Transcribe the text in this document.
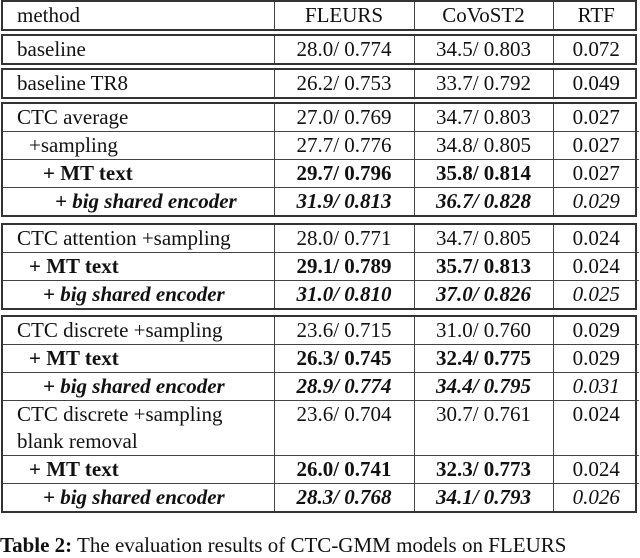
method	FLEURS	CoVoST2	RTF
baseline	28.0/ 0.774	34.5/ 0.803	0.072
baseline TR8	26.2/ 0.753	33.7/ 0.792	0.049
CTC average	27.0/ 0.769	34.7/ 0.803	0.027
+sampling	27.7/ 0.776	34.8/ 0.805	0.027
+ MT text	29.7/ 0.796	35.8/ 0.814	0.027
+ big shared encoder	31.9/ 0.813	36.7/ 0.828	0.029
CTC attention +sampling	28.0/ 0.771	34.7/ 0.805	0.024
+ MT text	29.1/ 0.789	35.7/ 0.813	0.024
+ big shared encoder	31.0/ 0.810	37.0/ 0.826	0.025
CTC discrete +sampling	23.6/ 0.715	31.0/ 0.760	0.029
+ MT text	26.3/ 0.745	32.4/ 0.775	0.029
+ big shared encoder	28.9/ 0.774	34.4/ 0.795	0.031
CTC discrete +sampling
blank removal	23.6/ 0.704	30.7/ 0.761	0.024
+ MT text	26.0/ 0.741	32.3/ 0.773	0.024
+ big shared encoder	28.3/ 0.768	34.1/ 0.793	0.026
Table 2: The evaluation results of CTC-GMM models on FLEURS
